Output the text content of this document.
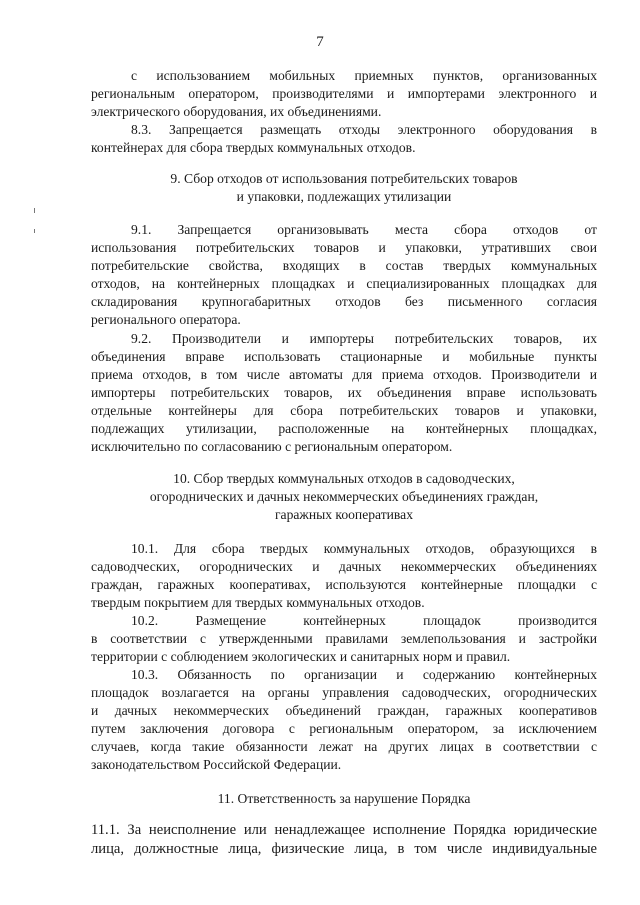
7
с использованием мобильных приемных пунктов, организованных
региональным оператором, производителями и импортерами электронного и
электрического оборудования, их объединениями.
8.3. Запрещается размещать отходы электронного оборудования в
контейнерах для сбора твердых коммунальных отходов.
9. Сбор отходов от использования потребительских товаров
и упаковки, подлежащих утилизации
9.1. Запрещается организовывать места сбора отходов от
использования потребительских товаров и упаковки, утративших свои
потребительские свойства, входящих в состав твердых коммунальных
отходов, на контейнерных площадках и специализированных площадках для
складирования крупногабаритных отходов без письменного согласия
регионального оператора.
9.2. Производители и импортеры потребительских товаров, их
объединения вправе использовать стационарные и мобильные пункты
приема отходов, в том числе автоматы для приема отходов. Производители и
импортеры потребительских товаров, их объединения вправе использовать
отдельные контейнеры для сбора потребительских товаров и упаковки,
подлежащих утилизации, расположенные на контейнерных площадках,
исключительно по согласованию с региональным оператором.
10. Сбор твердых коммунальных отходов в садоводческих,
огороднических и дачных некоммерческих объединениях граждан,
гаражных кооперативах
10.1. Для сбора твердых коммунальных отходов, образующихся в
садоводческих, огороднических и дачных некоммерческих объединениях
граждан, гаражных кооперативах, используются контейнерные площадки с
твердым покрытием для твердых коммунальных отходов.
10.2. Размещение контейнерных площадок производится
в соответствии с утвержденными правилами землепользования и застройки
территории с соблюдением экологических и санитарных норм и правил.
10.3. Обязанность по организации и содержанию контейнерных
площадок возлагается на органы управления садоводческих, огороднических
и дачных некоммерческих объединений граждан, гаражных кооперативов
путем заключения договора с региональным оператором, за исключением
случаев, когда такие обязанности лежат на других лицах в соответствии с
законодательством Российской Федерации.
11. Ответственность за нарушение Порядка
11.1. За неисполнение или ненадлежащее исполнение Порядка юридические
лица, должностные лица, физические лица, в том числе индивидуальные
